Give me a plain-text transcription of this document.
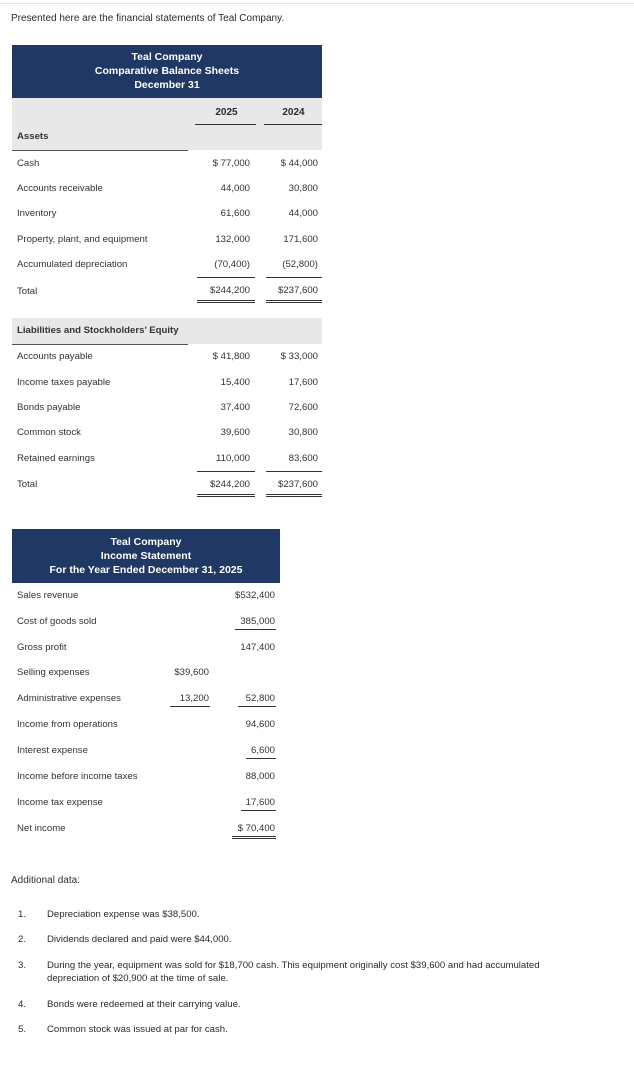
Presented here are the financial statements of Teal Company.
Teal Company
Comparative Balance Sheets
December 31
2025	2024
Assets
Cash	$ 77,000	$ 44,000
Accounts receivable	44,000	30,800
Inventory	61,600	44,000
Property, plant, and equipment	132,000	171,600
Accumulated depreciation	(70,400)	(52,800)
Total	$244,200	$237,600
Liabilities and Stockholders’ Equity
Accounts payable	$ 41,800	$ 33,000
Income taxes payable	15,400	17,600
Bonds payable	37,400	72,600
Common stock	39,600	30,800
Retained earnings	110,000	83,600
Total	$244,200	$237,600
Teal Company
Income Statement
For the Year Ended December 31, 2025
Sales revenue	$532,400
Cost of goods sold	385,000
Gross profit	147,400
Selling expenses	$39,600
Administrative expenses	13,200	52,800
Income from operations	94,600
Interest expense	6,600
Income before income taxes	88,000
Income tax expense	17,600
Net income	$ 70,400
Additional data:
1. Depreciation expense was $38,500.
2. Dividends declared and paid were $44,000.
3. During the year, equipment was sold for $18,700 cash. This equipment originally cost $39,600 and had accumulated depreciation of $20,900 at the time of sale.
4. Bonds were redeemed at their carrying value.
5. Common stock was issued at par for cash.
